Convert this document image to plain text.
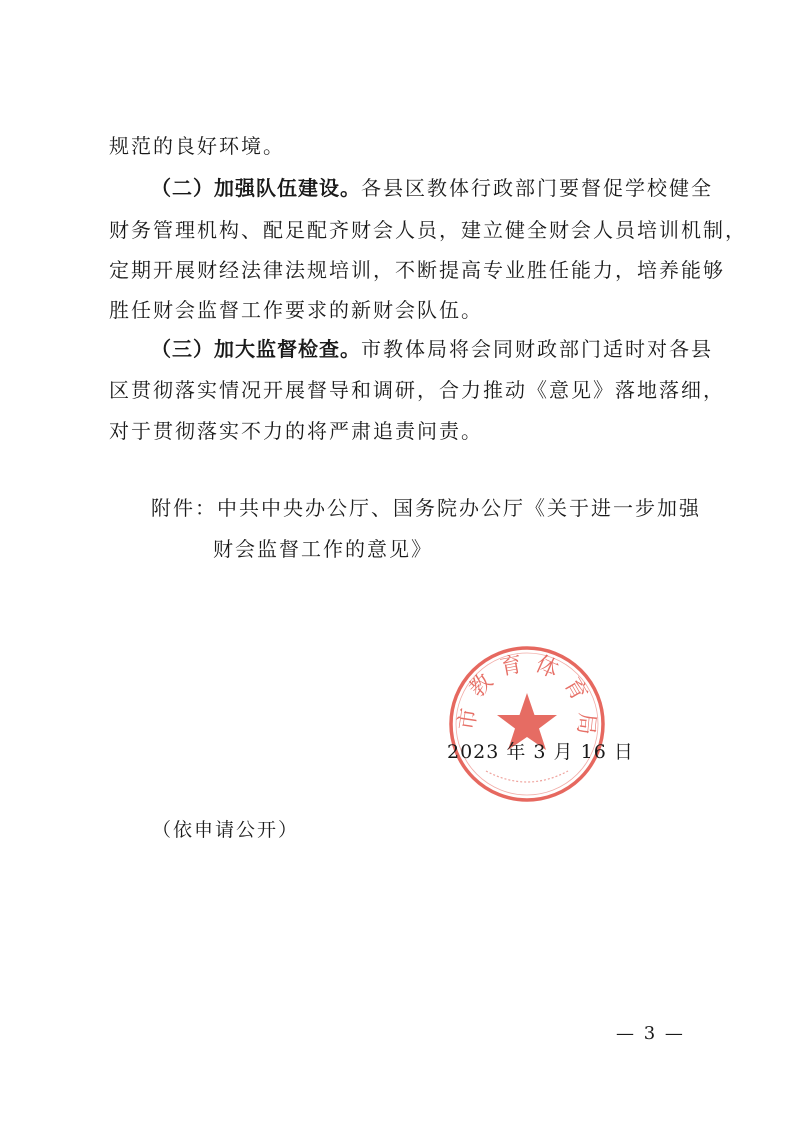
规范的良好环境。
（二）加强队伍建设。各县区教体行政部门要督促学校健全
财务管理机构、配足配齐财会人员，建立健全财会人员培训机制，
定期开展财经法律法规培训，不断提高专业胜任能力，培养能够
胜任财会监督工作要求的新财会队伍。
（三）加大监督检查。市教体局将会同财政部门适时对各县
区贯彻落实情况开展督导和调研，合力推动《意见》落地落细，
对于贯彻落实不力的将严肃追责问责。
附件：中共中央办公厅、国务院办公厅《关于进一步加强
财会监督工作的意见》
市教育体育局
2023 年 3 月 16 日
（依申请公开）
— 3 —
